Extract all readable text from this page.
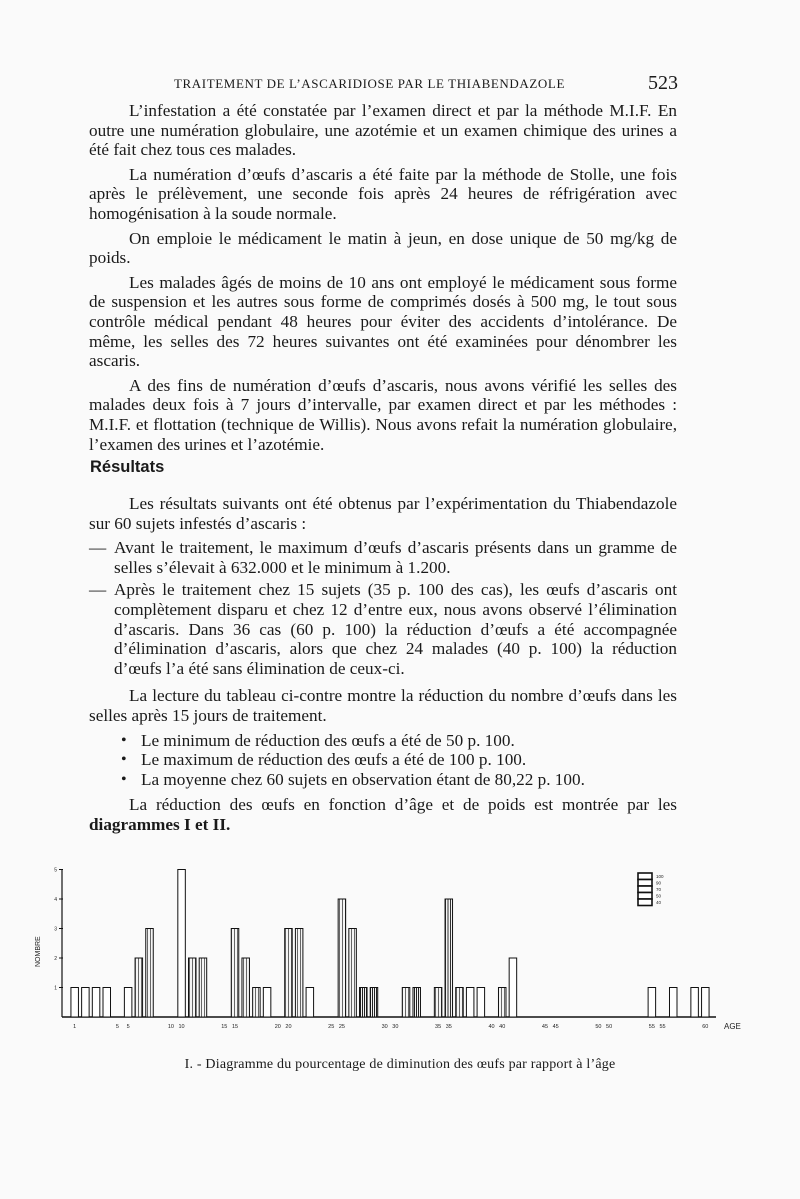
TRAITEMENT DE L’ASCARIDIOSE PAR LE THIABENDAZOLE	523

L’infestation a été constatée par l’examen direct et par la méthode M.I.F. En outre une numération globulaire, une azotémie et un examen chimique des urines a été fait chez tous ces malades.

La numération d’œufs d’ascaris a été faite par la méthode de Stolle, une fois après le prélèvement, une seconde fois après 24 heures de réfrigération avec homogénisation à la soude normale.

On emploie le médicament le matin à jeun, en dose unique de 50 mg/kg de poids.

Les malades âgés de moins de 10 ans ont employé le médicament sous forme de suspension et les autres sous forme de comprimés dosés à 500 mg, le tout sous contrôle médical pendant 48 heures pour éviter des accidents d’intolérance. De même, les selles des 72 heures suivantes ont été examinées pour dénombrer les ascaris.

A des fins de numération d’œufs d’ascaris, nous avons vérifié les selles des malades deux fois à 7 jours d’intervalle, par examen direct et par les méthodes : M.I.F. et flottation (technique de Willis). Nous avons refait la numération globulaire, l’examen des urines et l’azotémie.

Résultats

Les résultats suivants ont été obtenus par l’expérimentation du Thiabendazole sur 60 sujets infestés d’ascaris :

— Avant le traitement, le maximum d’œufs d’ascaris présents dans un gramme de selles s’élevait à 632.000 et le minimum à 1.200.
— Après le traitement chez 15 sujets (35 p. 100 des cas), les œufs d’ascaris ont complètement disparu et chez 12 d’entre eux, nous avons observé l’élimination d’ascaris. Dans 36 cas (60 p. 100) la réduction d’œufs a été accompagnée d’élimination d’ascaris, alors que chez 24 malades (40 p. 100) la réduction d’œufs l’a été sans élimination de ceux-ci.

La lecture du tableau ci-contre montre la réduction du nombre d’œufs dans les selles après 15 jours de traitement.

• Le minimum de réduction des œufs a été de 50 p. 100.
• Le maximum de réduction des œufs a été de 100 p. 100.
• La moyenne chez 60 sujets en observation étant de 80,22 p. 100.

La réduction des œufs en fonction d’âge et de poids est montrée par les diagrammes I et II.

1
2
3
4
5
NOMBRE
1	5 5	10 10	15 15	20 20	25 25	30 30	35 35	40 40	45 45	50 50	55 55	60 AGE
100
90
70
50
40
I. - Diagramme du pourcentage de diminution des œufs par rapport à l’âge
